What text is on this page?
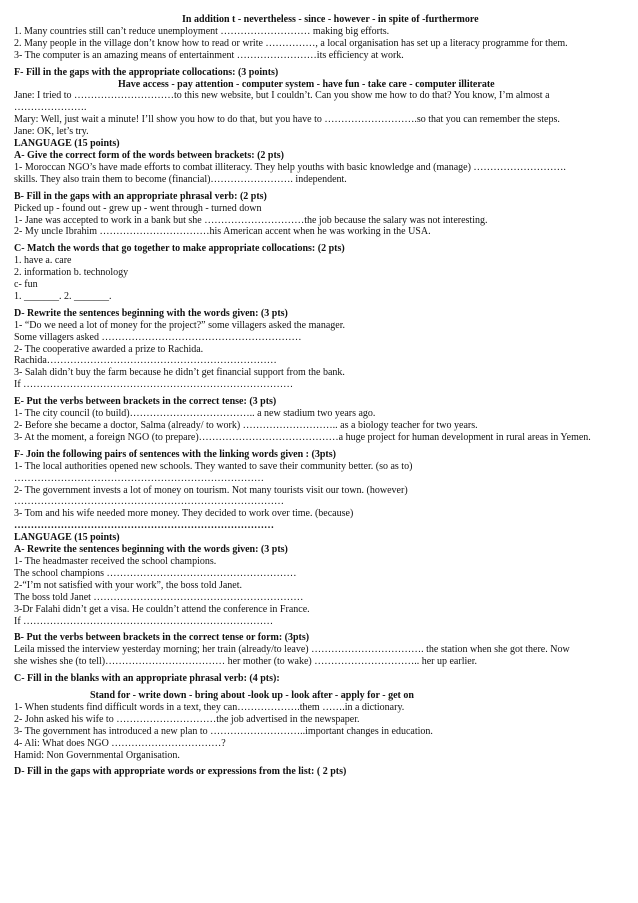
In addition t - nevertheless - since - however - in spite of -furthermore
1. Many countries still can’t reduce unemployment ……………………… making big efforts.
2. Many people in the village don’t know how to read or write ……………, a local organisation has set up a literacy programme for them.
3- The computer is an amazing means of entertainment ……………………its efficiency at work.
F- Fill in the gaps with the appropriate collocations: (3 points)
Have access - pay attention - computer system - have fun - take care - computer illiterate
Jane: I tried to …………………………to this new website, but I couldn’t. Can you show me how to do that? You know, I’m almost a
………………….
Mary: Well, just wait a minute! I’ll show you how to do that, but you have to ……………………….so that you can remember the steps.
Jane: OK, let’s try.
LANGUAGE (15 points)
A- Give the correct form of the words between brackets: (2 pts)
1- Moroccan NGO’s have made efforts to combat illiteracy. They help youths with basic knowledge and (manage) ……………………….
skills. They also train them to become (financial)……………………. independent.
B- Fill in the gaps with an appropriate phrasal verb: (2 pts)
Picked up - found out - grew up - went through - turned down
1- Jane was accepted to work in a bank but she …………………………the job because the salary was not interesting.
2- My uncle Ibrahim ……………………………his American accent when he was working in the USA.
C- Match the words that go together to make appropriate collocations: (2 pts)
1. have a. care
2. information b. technology
c- fun
1. _______. 2. _______.
D- Rewrite the sentences beginning with the words given: (3 pts)
1- “Do we need a lot of money for the project?” some villagers asked the manager.
Some villagers asked ……………………………………………………
2- The cooperative awarded a prize to Rachida.
Rachida……………………………………………………………
3- Salah didn’t buy the farm because he didn’t get financial support from the bank.
If ………………………………………………………………………
E- Put the verbs between brackets in the correct tense: (3 pts)
1- The city council (to build)……………………………….. a new stadium two years ago.
2- Before she became a doctor, Salma (already/ to work) ……………………….. as a biology teacher for two years.
3- At the moment, a foreign NGO (to prepare)……………………………………a huge project for human development in rural areas in Yemen.
F- Join the following pairs of sentences with the linking words given : (3pts)
1- The local authorities opened new schools. They wanted to save their community better. (so as to)
…………………………………………………………………
2- The government invests a lot of money on tourism. Not many tourists visit our town. (however)
………………………………………………………………………
3- Tom and his wife needed more money. They decided to work over time. (because)
……………………………………………………………………
LANGUAGE (15 points)
A- Rewrite the sentences beginning with the words given: (3 pts)
1- The headmaster received the school champions.
The school champions …………………………………………………
2-“I’m not satisfied with your work”, the boss told Janet.
The boss told Janet ………………………………………………………
3-Dr Falahi didn’t get a visa. He couldn’t attend the conference in France.
If …………………………………………………………………
B- Put the verbs between brackets in the correct tense or form: (3pts)
Leila missed the interview yesterday morning; her train (already/to leave) ……………………………. the station when she got there. Now
she wishes she (to tell)……………………………… her mother (to wake) ………………………….. her up earlier.
C- Fill in the blanks with an appropriate phrasal verb: (4 pts):
Stand for - write down - bring about -look up - look after - apply for - get on
1- When students find difficult words in a text, they can……………….them …….in a dictionary.
2- John asked his wife to …………………………the job advertised in the newspaper.
3- The government has introduced a new plan to ………………………..important changes in education.
4- Ali: What does NGO ……………………………?
Hamid: Non Governmental Organisation.
D- Fill in the gaps with appropriate words or expressions from the list: ( 2 pts)
